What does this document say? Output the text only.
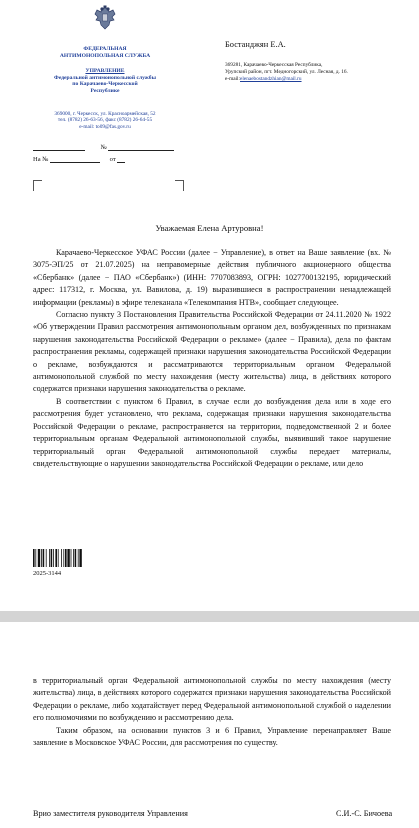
ФЕДЕРАЛЬНАЯ
АНТИМОНОПОЛЬНАЯ СЛУЖБА
УПРАВЛЕНИЕ
Федеральной антимонопольной службы
по Карачаево-Черкесской
Республике
369000, г. Черкесск, ул. Красноармейская, 52
тел. (8782) 26-63-56, факс (8782) 26-64-55
e-mail: to09@fas.gov.ru
№
На №	от
Бостанджян Е.А.
369281, Карачаево-Черкесская Республика,
Урупский район, пгт. Медногорский, ул. Лесная, д. 16.
e-mail:elenaebostandzhian@mail.ru
Уважаемая Елена Артуровна!

Карачаево-Черкесское УФАС России (далее − Управление), в ответ на Ваше заявление (вх. № 3075-ЭП/25 от 21.07.2025) на неправомерные действия публичного акционерного общества «Сбербанк» (далее − ПАО «Сбербанк») (ИНН: 7707083893, ОГРН: 1027700132195, юридический адрес: 117312, г. Москва, ул. Вавилова, д. 19) выразившиеся в распространении ненадлежащей информации (рекламы) в эфире телеканала «Телекомпания НТВ», сообщает следующее.

Согласно пункту 3 Постановления Правительства Российской Федерации от 24.11.2020 № 1922 «Об утверждении Правил рассмотрения антимонопольным органом дел, возбужденных по признакам нарушения законодательства Российской Федерации о рекламе» (далее − Правила), дела по фактам распространения рекламы, содержащей признаки нарушения законодательства Российской Федерации о рекламе, возбуждаются и рассматриваются территориальным органом Федеральной антимонопольной службой по месту нахождения (месту жительства) лица, в действиях которого содержатся признаки нарушения законодательства о рекламе.

В соответствии с пунктом 6 Правил, в случае если до возбуждения дела или в ходе его рассмотрения будет установлено, что реклама, содержащая признаки нарушения законодательства Российской Федерации о рекламе, распространяется на территории, подведомственной 2 и более территориальным органам Федеральной антимонопольной службы, выявивший такое нарушение территориальный орган Федеральной антимонопольной службы передает материалы, свидетельствующие о нарушении законодательства Российской Федерации о рекламе, или дело

2025-3144

в территориальный орган Федеральной антимонопольной службы по месту нахождения (месту жительства) лица, в действиях которого содержатся признаки нарушения законодательства Российской Федерации о рекламе, либо ходатайствует перед Федеральной антимонопольной службой о наделении его полномочиями по возбуждению и рассмотрению дела.

Таким образом, на основании пунктов 3 и 6 Правил, Управление перенаправляет Ваше заявление в Московское УФАС России, для рассмотрения по существу.

Врио заместителя руководителя Управления	С.И.-С. Бичоева
